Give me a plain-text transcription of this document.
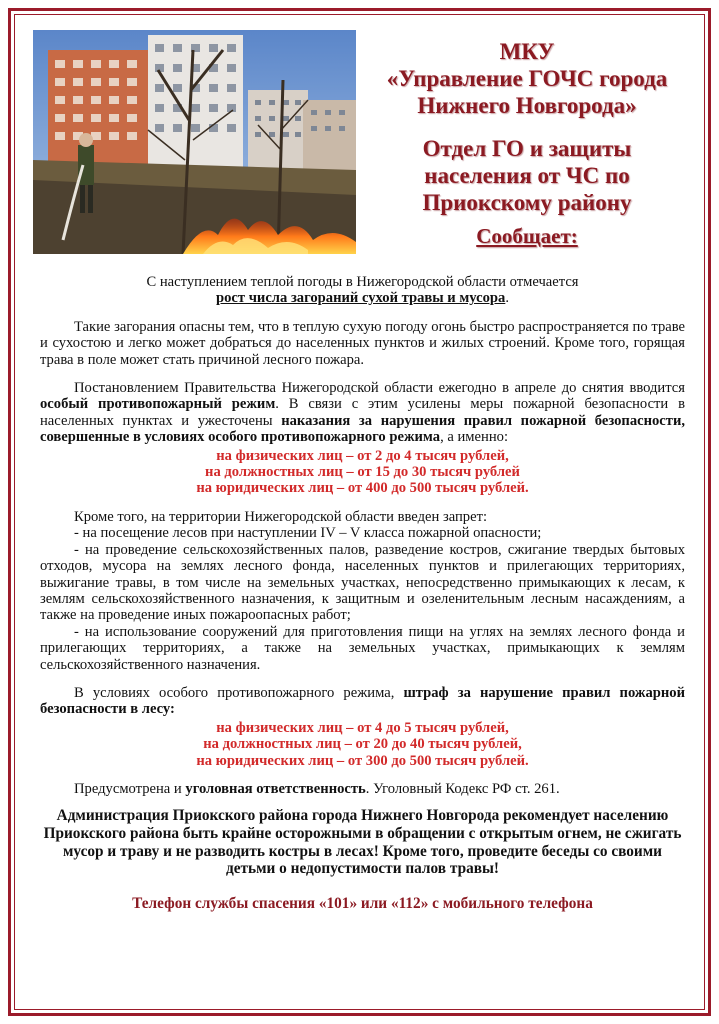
МКУ
«Управление ГОЧС города
Нижнего Новгорода»
Отдел ГО и защиты
населения от ЧС по
Приокскому району
Сообщает:
С наступлением теплой погоды в Нижегородской области отмечается
рост числа загораний сухой травы и мусора.

Такие загорания опасны тем, что в теплую сухую погоду огонь быстро распространяется по траве и сухостою и легко может добраться до населенных пунктов и жилых строений. Кроме того, горящая трава в поле может стать причиной лесного пожара.

Постановлением Правительства Нижегородской области ежегодно в апреле до снятия вводится особый противопожарный режим. В связи с этим усилены меры пожарной безопасности в населенных пунктах и ужесточены наказания за нарушения правил пожарной безопасности, совершенные в условиях особого противопожарного режима, а именно:

на физических лиц – от 2 до 4 тысяч рублей,
на должностных лиц – от 15 до 30 тысяч рублей
на юридических лиц – от 400 до 500 тысяч рублей.

Кроме того, на территории Нижегородской области введен запрет:

- на посещение лесов при наступлении IV – V класса пожарной опасности;

- на проведение сельскохозяйственных палов, разведение костров, сжигание твердых бытовых отходов, мусора на землях лесного фонда, населенных пунктов и прилегающих территориях, выжигание травы, в том числе на земельных участках, непосредственно примыкающих к лесам, к землям сельскохозяйственного назначения, к защитным и озеленительным лесным насаждениям, а также на проведение иных пожароопасных работ;

- на использование сооружений для приготовления пищи на углях на землях лесного фонда и прилегающих территориях, а также на земельных участках, примыкающих к землям сельскохозяйственного назначения.

В условиях особого противопожарного режима, штраф за нарушение правил пожарной безопасности в лесу:

на физических лиц – от 4 до 5 тысяч рублей,
на должностных лиц – от 20 до 40 тысяч рублей,
на юридических лиц – от 300 до 500 тысяч рублей.

Предусмотрена и уголовная ответственность. Уголовный Кодекс РФ ст. 261.

Администрация Приокского района города Нижнего Новгорода рекомендует населению Приокского района быть крайне осторожными в обращении с открытым огнем, не сжигать мусор и траву и не разводить костры в лесах! Кроме того, проведите беседы со своими детьми о недопустимости палов травы!

Телефон службы спасения «101» или «112» с мобильного телефона
